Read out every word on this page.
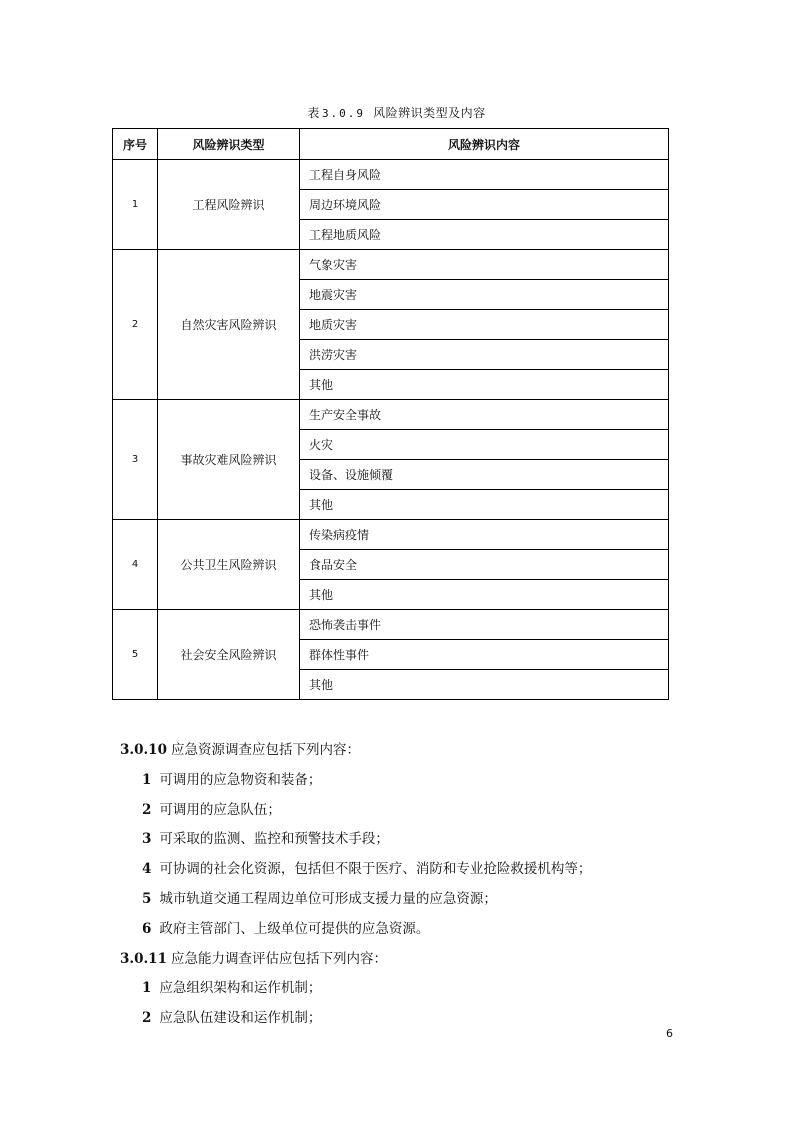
表 3.0.9 风险辨识类型及内容
序号	风险辨识类型	风险辨识内容
1	工程风险辨识	工程自身风险
		周边环境风险
		工程地质风险
2	自然灾害风险辨识	气象灾害
		地震灾害
		地质灾害
		洪涝灾害
		其他
3	事故灾难风险辨识	生产安全事故
		火灾
		设备、设施倾覆
		其他
4	公共卫生风险辨识	传染病疫情
		食品安全
		其他
5	社会安全风险辨识	恐怖袭击事件
		群体性事件
		其他
3.0.10 应急资源调查应包括下列内容：
1 可调用的应急物资和装备；
2 可调用的应急队伍；
3 可采取的监测、监控和预警技术手段；
4 可协调的社会化资源，包括但不限于医疗、消防和专业抢险救援机构等；
5 城市轨道交通工程周边单位可形成支援力量的应急资源；
6 政府主管部门、上级单位可提供的应急资源。
3.0.11 应急能力调查评估应包括下列内容：
1 应急组织架构和运作机制；
2 应急队伍建设和运作机制；
6
